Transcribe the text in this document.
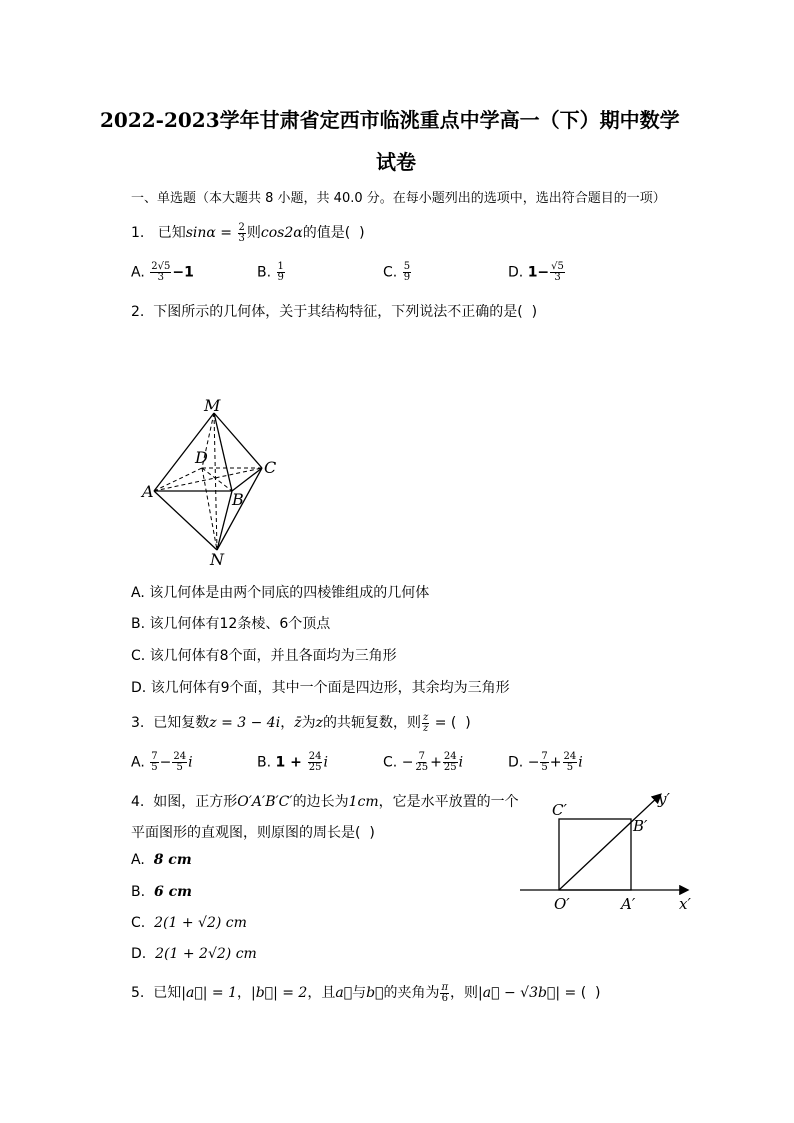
2022-2023学年甘肃省定西市临洮重点中学高一（下）期中数学
试卷
一、单选题（本大题共 8 小题，共 40.0 分。在每小题列出的选项中，选出符合题目的一项）
1. 已知$\sin\alpha = \frac{2}{3}$ 则cos2α的值是(  )
A. $\frac{2√5}{3} -1$	B. $\frac{1}{9}$	C. $\frac{5}{9}$	D. $1- \frac{√5}{3}$
2. 下图所示的几何体，关于其结构特征，下列说法不正确的是(  )
M
D
C
A	B
N
A. 该几何体是由两个同底的四棱锥组成的几何体
B. 该几何体有12条棱、6个顶点
C. 该几何体有8个面，并且各面均为三角形
D. 该几何体有9个面，其中一个面是四边形，其余均为三角形
3. 已知复数z = 3 − 4i，z̄为z的共轭复数，则 $\frac{z}{z̄}$ = (  )
A. $\frac{7}{5} - \frac{24}{5}$ i	B. $1 + \frac{24}{25}$ i	C. − $\frac{7}{25} + \frac{24}{25}$ i	D. − $\frac{7}{5} + \frac{24}{5}$ i
4. 如图，正方形O′A′B′C′的边长为1cm，它是水平放置的一个
平面图形的直观图，则原图的周长是(  )
A. 8 cm
B. 6 cm
C. 2(1 + √2) cm
D. 2(1 + 2√2) cm
C′
B′
y′
O′	A′	x′
5. 已知|a⃗| = 1，|b⃗| = 2，且a⃗与b⃗的夹角为 $\frac{\pi}{6}$ ，则|a⃗ − √3b⃗| = (  )
